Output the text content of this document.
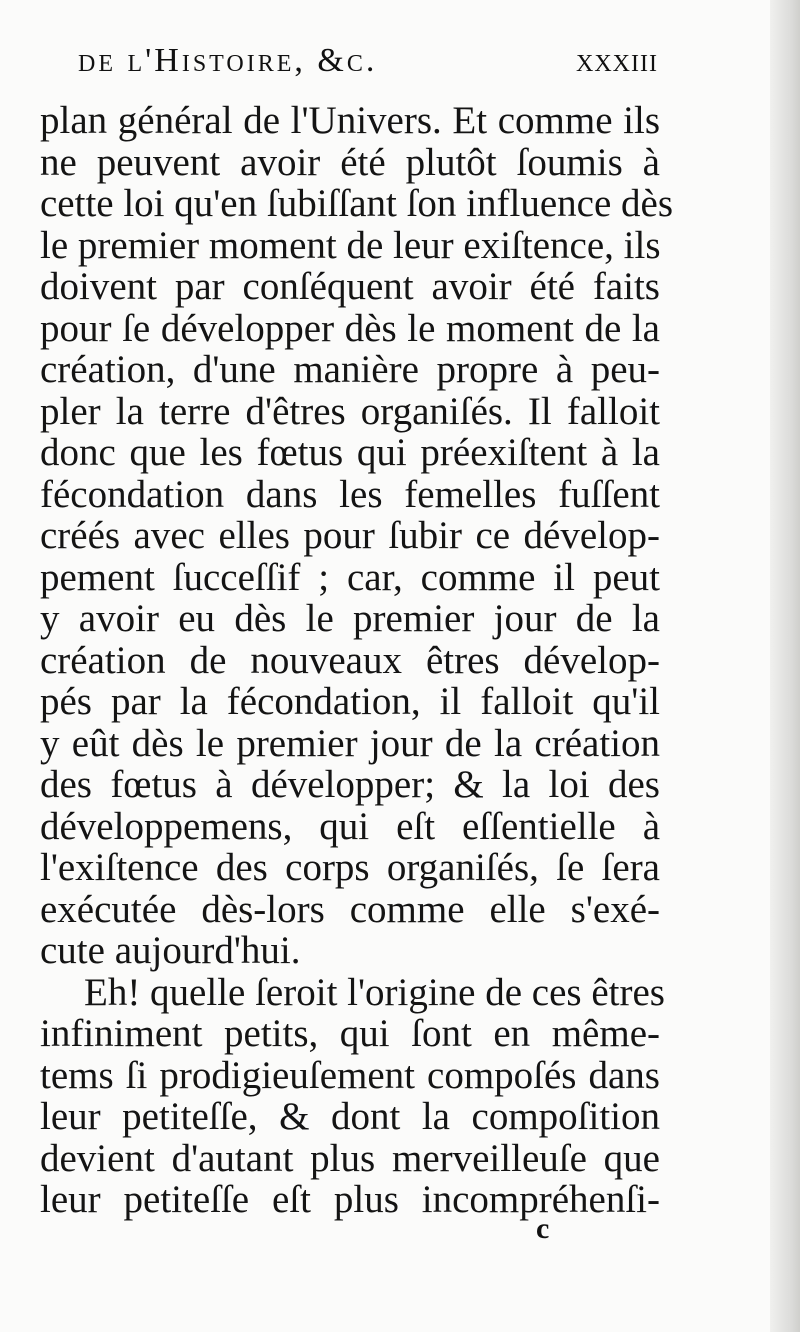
de l'Histoire, &c.	xxxiii
plan général de l'Univers. Et comme ils
ne peuvent avoir été plutôt ſoumis à
cette loi qu'en ſubiſſant ſon influence dès
le premier moment de leur exiſtence, ils
doivent par conſéquent avoir été faits
pour ſe développer dès le moment de la
création, d'une manière propre à peu-
pler la terre d'êtres organiſés. Il falloit
donc que les fœtus qui préexiſtent à la
fécondation dans les femelles fuſſent
créés avec elles pour ſubir ce dévelop-
pement ſucceſſif ; car, comme il peut
y avoir eu dès le premier jour de la
création de nouveaux êtres dévelop-
pés par la fécondation, il falloit qu'il
y eût dès le premier jour de la création
des fœtus à développer; & la loi des
développemens, qui eſt eſſentielle à
l'exiſtence des corps organiſés, ſe ſera
exécutée dès-lors comme elle s'exé-
cute aujourd'hui.
Eh! quelle ſeroit l'origine de ces êtres
infiniment petits, qui ſont en même-
tems ſi prodigieuſement compoſés dans
leur petiteſſe, & dont la compoſition
devient d'autant plus merveilleuſe que
leur petiteſſe eſt plus incompréhenſi-
c
